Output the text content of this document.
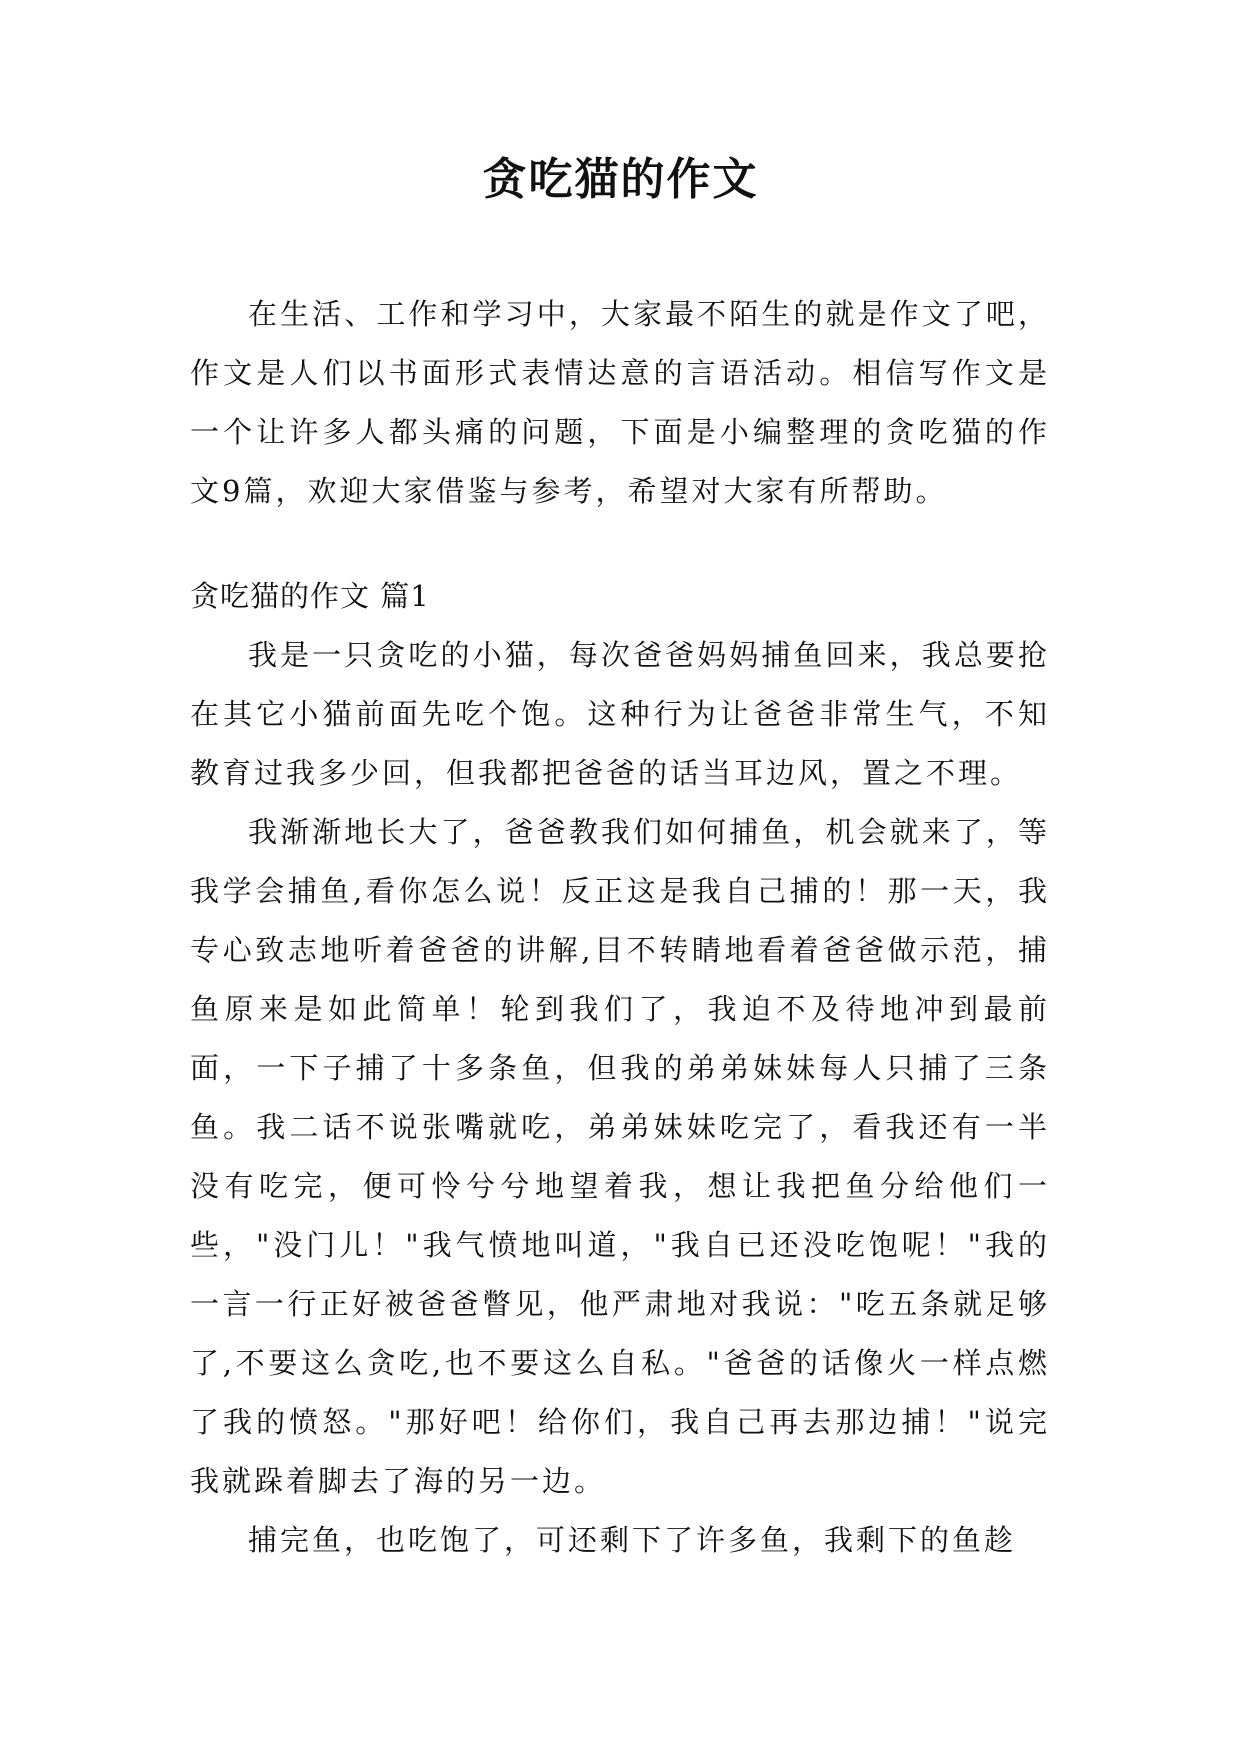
贪吃猫的作文

在生活、工作和学习中，大家最不陌生的就是作文了吧，作文是人们以书面形式表情达意的言语活动。相信写作文是一个让许多人都头痛的问题，下面是小编整理的贪吃猫的作文9篇，欢迎大家借鉴与参考，希望对大家有所帮助。

贪吃猫的作文 篇1

我是一只贪吃的小猫，每次爸爸妈妈捕鱼回来，我总要抢在其它小猫前面先吃个饱。这种行为让爸爸非常生气，不知教育过我多少回，但我都把爸爸的话当耳边风，置之不理。

我渐渐地长大了，爸爸教我们如何捕鱼，机会就来了，等我学会捕鱼,看你怎么说！反正这是我自己捕的！那一天，我专心致志地听着爸爸的讲解,目不转睛地看着爸爸做示范，捕鱼原来是如此简单！轮到我们了，我迫不及待地冲到最前面，一下子捕了十多条鱼，但我的弟弟妹妹每人只捕了三条鱼。我二话不说张嘴就吃，弟弟妹妹吃完了，看我还有一半没有吃完，便可怜兮兮地望着我，想让我把鱼分给他们一些，"没门儿！"我气愤地叫道，"我自已还没吃饱呢！"我的一言一行正好被爸爸瞥见，他严肃地对我说："吃五条就足够了,不要这么贪吃,也不要这么自私。"爸爸的话像火一样点燃了我的愤怒。"那好吧！给你们，我自己再去那边捕！"说完我就跺着脚去了海的另一边。

捕完鱼，也吃饱了，可还剩下了许多鱼，我剩下的鱼趁
